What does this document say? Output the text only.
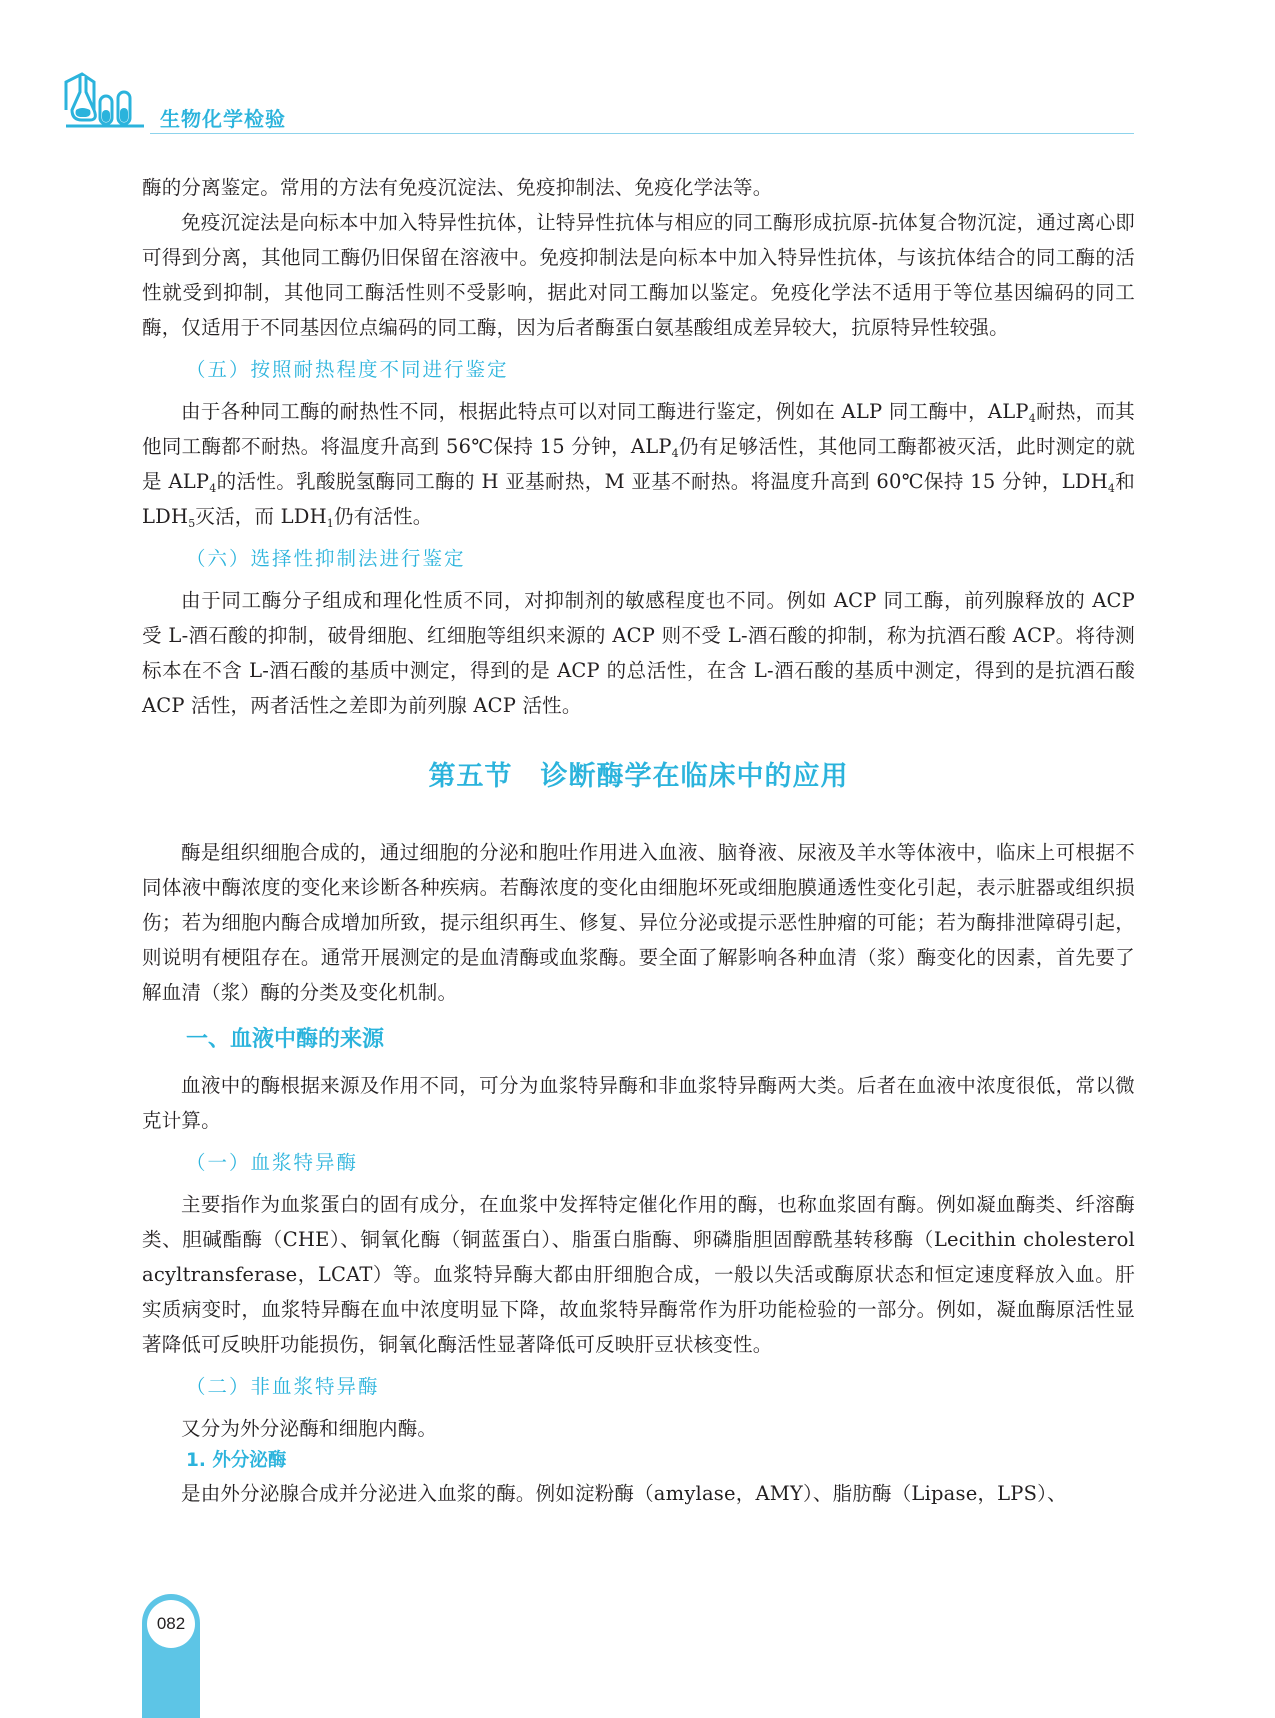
生物化学检验

酶的分离鉴定。常用的方法有免疫沉淀法、免疫抑制法、免疫化学法等。

免疫沉淀法是向标本中加入特异性抗体，让特异性抗体与相应的同工酶形成抗原-抗体复合物沉淀，通过离心即可得到分离，其他同工酶仍旧保留在溶液中。免疫抑制法是向标本中加入特异性抗体，与该抗体结合的同工酶的活性就受到抑制，其他同工酶活性则不受影响，据此对同工酶加以鉴定。免疫化学法不适用于等位基因编码的同工酶，仅适用于不同基因位点编码的同工酶，因为后者酶蛋白氨基酸组成差异较大，抗原特异性较强。

（五）按照耐热程度不同进行鉴定

由于各种同工酶的耐热性不同，根据此特点可以对同工酶进行鉴定，例如在 ALP 同工酶中，$ALP_4$耐热，而其他同工酶都不耐热。将温度升高到 56℃保持 15 分钟，$ALP_4$仍有足够活性，其他同工酶都被灭活，此时测定的就是 $ALP_4$的活性。乳酸脱氢酶同工酶的 H 亚基耐热，M 亚基不耐热。将温度升高到 60℃保持 15 分钟，$LDH_4$和 $LDH_5$灭活，而 $LDH_1$仍有活性。

（六）选择性抑制法进行鉴定

由于同工酶分子组成和理化性质不同，对抑制剂的敏感程度也不同。例如 ACP 同工酶，前列腺释放的 ACP 受 L-酒石酸的抑制，破骨细胞、红细胞等组织来源的 ACP 则不受 L-酒石酸的抑制，称为抗酒石酸 ACP。将待测标本在不含 L-酒石酸的基质中测定，得到的是 ACP 的总活性，在含 L-酒石酸的基质中测定，得到的是抗酒石酸 ACP 活性，两者活性之差即为前列腺 ACP 活性。

第五节　诊断酶学在临床中的应用

酶是组织细胞合成的，通过细胞的分泌和胞吐作用进入血液、脑脊液、尿液及羊水等体液中，临床上可根据不同体液中酶浓度的变化来诊断各种疾病。若酶浓度的变化由细胞坏死或细胞膜通透性变化引起，表示脏器或组织损伤；若为细胞内酶合成增加所致，提示组织再生、修复、异位分泌或提示恶性肿瘤的可能；若为酶排泄障碍引起，则说明有梗阻存在。通常开展测定的是血清酶或血浆酶。要全面了解影响各种血清（浆）酶变化的因素，首先要了解血清（浆）酶的分类及变化机制。

一、血液中酶的来源

血液中的酶根据来源及作用不同，可分为血浆特异酶和非血浆特异酶两大类。后者在血液中浓度很低，常以微克计算。

（一）血浆特异酶

主要指作为血浆蛋白的固有成分，在血浆中发挥特定催化作用的酶，也称血浆固有酶。例如凝血酶类、纤溶酶类、胆碱酯酶（CHE）、铜氧化酶（铜蓝蛋白）、脂蛋白脂酶、卵磷脂胆固醇酰基转移酶（Lecithin cholesterol acyltransferase，LCAT）等。血浆特异酶大都由肝细胞合成，一般以失活或酶原状态和恒定速度释放入血。肝实质病变时，血浆特异酶在血中浓度明显下降，故血浆特异酶常作为肝功能检验的一部分。例如，凝血酶原活性显著降低可反映肝功能损伤，铜氧化酶活性显著降低可反映肝豆状核变性。

（二）非血浆特异酶

又分为外分泌酶和细胞内酶。

1. 外分泌酶

是由外分泌腺合成并分泌进入血浆的酶。例如淀粉酶（amylase，AMY）、脂肪酶（Lipase，LPS）、

082
